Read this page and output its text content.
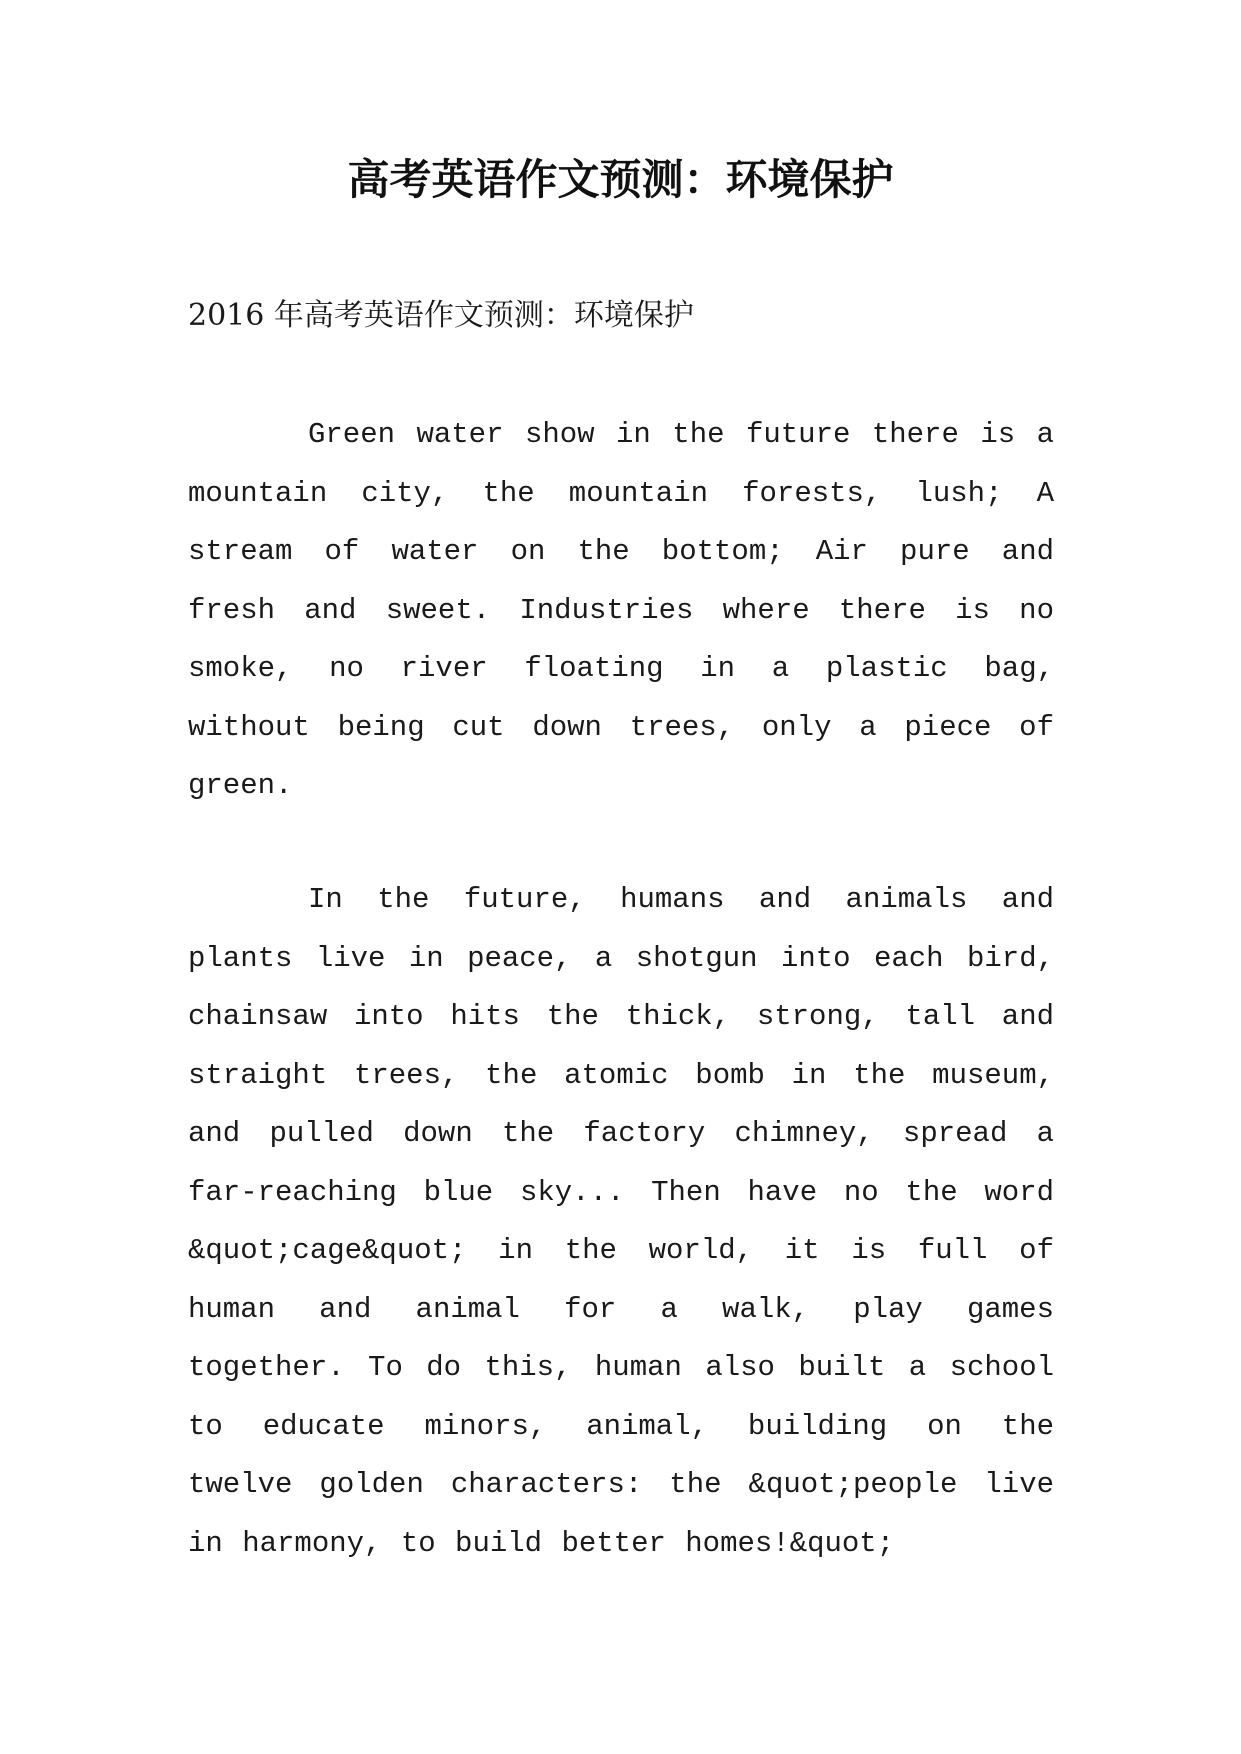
高考英语作文预测：环境保护

2016 年高考英语作文预测：环境保护

Green water show in the future there is a mountain city, the mountain forests, lush; A stream of water on the bottom; Air pure and fresh and sweet. Industries where there is no smoke, no river floating in a plastic bag, without being cut down trees, only a piece of green.

In the future, humans and animals and plants live in peace, a shotgun into each bird, chainsaw into hits the thick, strong, tall and straight trees, the atomic bomb in the museum, and pulled down the factory chimney, spread a far-reaching blue sky... Then have no the word &quot;cage&quot; in the world, it is full of human and animal for a walk, play games together. To do this, human also built a school to educate minors, animal, building on the twelve golden characters: the &quot;people live in harmony, to build better homes!&quot;
